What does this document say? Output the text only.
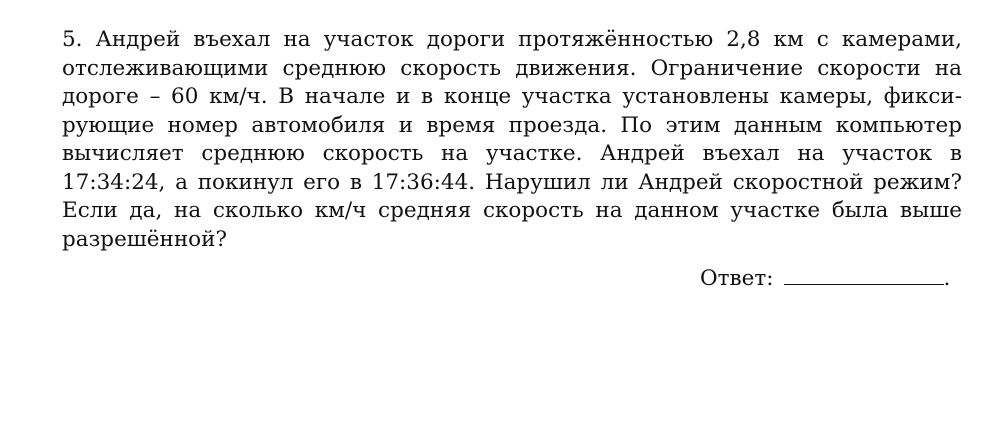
5. Андрей въехал на участок дороги протяжённостью 2,8 км с камерами,
отслеживающими среднюю скорость движения. Ограничение скорости на
дороге – 60 км/ч. В начале и в конце участка установлены камеры, фикси-
рующие номер автомобиля и время проезда. По этим данным компьютер
вычисляет среднюю скорость на участке. Андрей въехал на участок в
17:34:24, а покинул его в 17:36:44. Нарушил ли Андрей скоростной режим?
Если да, на сколько км/ч средняя скорость на данном участке была выше
разрешённой?
Ответ:	.
